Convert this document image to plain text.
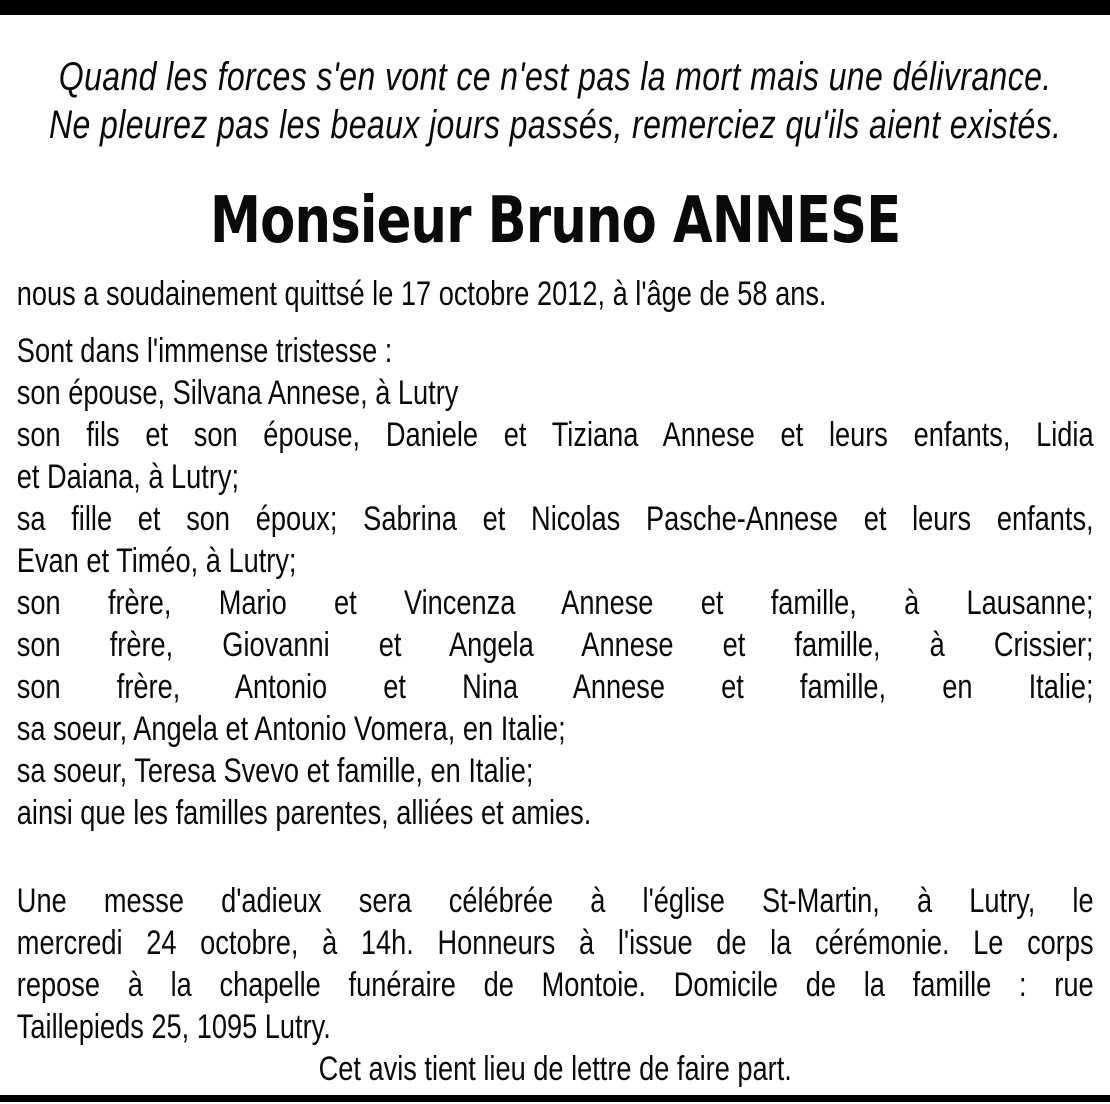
Quand les forces s'en vont ce n'est pas la mort mais une délivrance.
Ne pleurez pas les beaux jours passés, remerciez qu'ils aient existés.
Monsieur Bruno ANNESE
nous a soudainement quittsé le 17 octobre 2012, à l'âge de 58 ans.
Sont dans l'immense tristesse :
son épouse, Silvana Annese, à Lutry
son fils et son épouse, Daniele et Tiziana Annese et leurs enfants, Lidia
et Daiana, à Lutry;
sa fille et son époux; Sabrina et Nicolas Pasche-Annese et leurs enfants,
Evan et Timéo, à Lutry;
son frère, Mario et Vincenza Annese et famille, à Lausanne;
son frère, Giovanni et Angela Annese et famille, à Crissier;
son frère, Antonio et Nina Annese et famille, en Italie;
sa soeur, Angela et Antonio Vomera, en Italie;
sa soeur, Teresa Svevo et famille, en Italie;
ainsi que les familles parentes, alliées et amies.
Une messe d'adieux sera célébrée à l'église St-Martin, à Lutry, le
mercredi 24 octobre, à 14h. Honneurs à l'issue de la cérémonie. Le corps
repose à la chapelle funéraire de Montoie. Domicile de la famille : rue
Taillepieds 25, 1095 Lutry.
Cet avis tient lieu de lettre de faire part.
